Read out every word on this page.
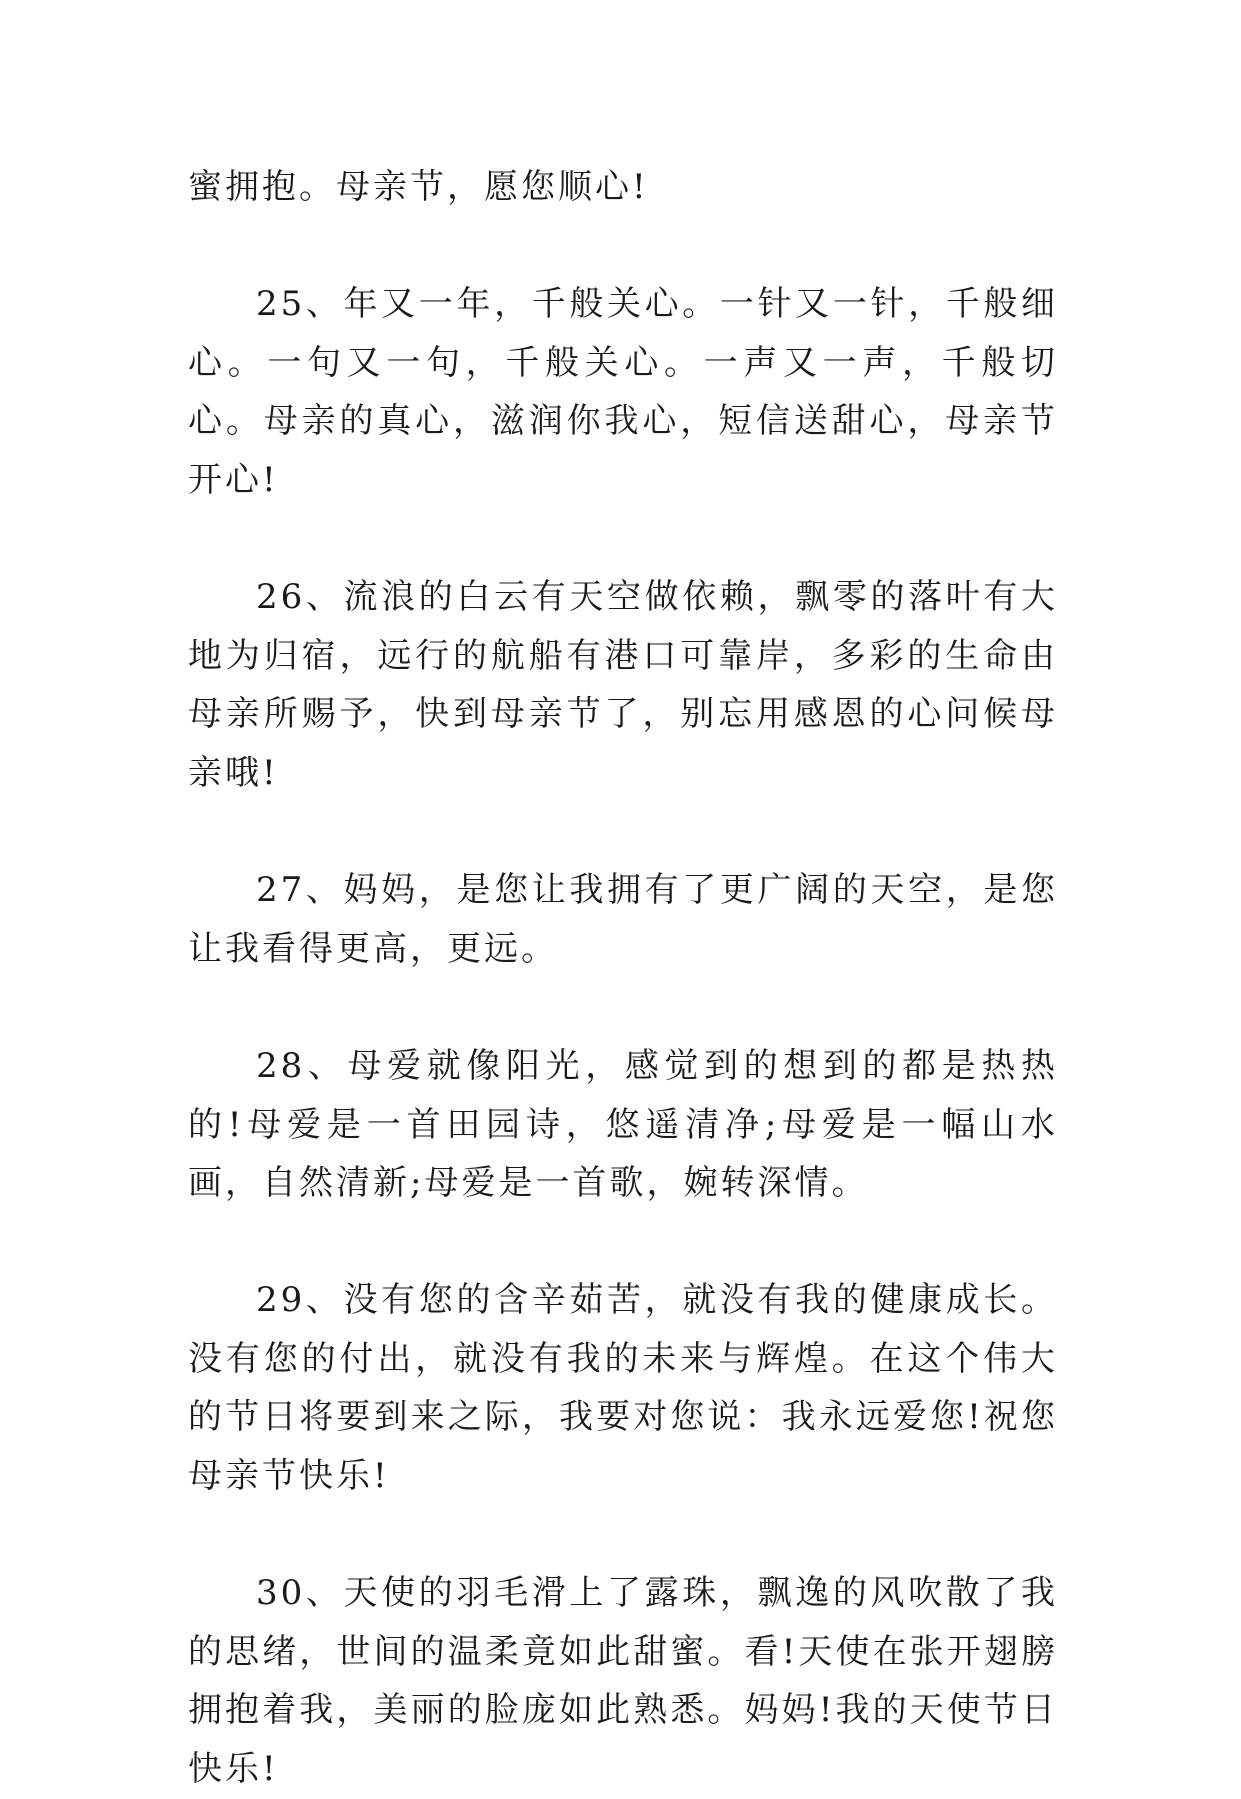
蜜拥抱。母亲节，愿您顺心!

25、年又一年，千般关心。一针又一针，千般细心。一句又一句，千般关心。一声又一声，千般切心。母亲的真心，滋润你我心，短信送甜心，母亲节开心!

26、流浪的白云有天空做依赖，飘零的落叶有大地为归宿，远行的航船有港口可靠岸，多彩的生命由母亲所赐予，快到母亲节了，别忘用感恩的心问候母亲哦!

27、妈妈，是您让我拥有了更广阔的天空，是您让我看得更高，更远。

28、母爱就像阳光，感觉到的想到的都是热热的!母爱是一首田园诗，悠遥清净;母爱是一幅山水画，自然清新;母爱是一首歌，婉转深情。

29、没有您的含辛茹苦，就没有我的健康成长。没有您的付出，就没有我的未来与辉煌。在这个伟大的节日将要到来之际，我要对您说：我永远爱您!祝您母亲节快乐!

30、天使的羽毛滑上了露珠，飘逸的风吹散了我的思绪，世间的温柔竟如此甜蜜。看!天使在张开翅膀拥抱着我，美丽的脸庞如此熟悉。妈妈!我的天使节日快乐!
